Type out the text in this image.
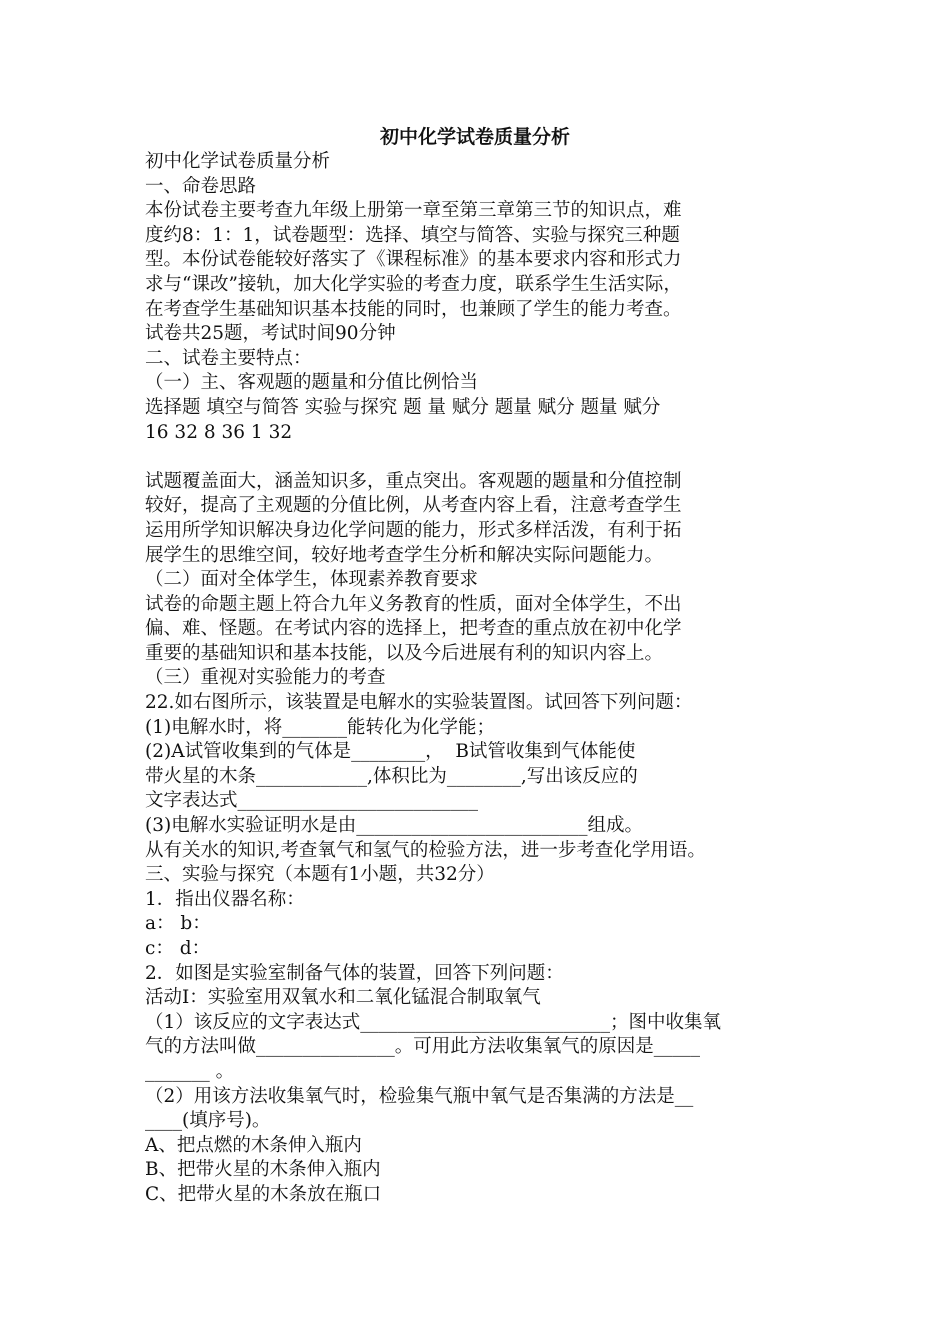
初中化学试卷质量分析
初中化学试卷质量分析
一、命卷思路
本份试卷主要考查九年级上册第一章至第三章第三节的知识点，难
度约8：1：1，试卷题型：选择、填空与简答、实验与探究三种题
型。本份试卷能较好落实了《课程标准》的基本要求内容和形式力
求与“课改”接轨，加大化学实验的考查力度，联系学生生活实际，
在考查学生基础知识基本技能的同时，也兼顾了学生的能力考查。
试卷共25题，考试时间90分钟
二、试卷主要特点：
（一）主、客观题的题量和分值比例恰当
选择题 填空与简答 实验与探究 题 量 赋分 题量 赋分 题量 赋分
16 32 8 36 1 32
试题覆盖面大，涵盖知识多，重点突出。客观题的题量和分值控制
较好，提高了主观题的分值比例，从考查内容上看，注意考查学生
运用所学知识解决身边化学问题的能力，形式多样活泼，有利于拓
展学生的思维空间，较好地考查学生分析和解决实际问题能力。
（二）面对全体学生，体现素养教育要求
试卷的命题主题上符合九年义务教育的性质，面对全体学生，不出
偏、难、怪题。在考试内容的选择上，把考查的重点放在初中化学
重要的基础知识和基本技能，以及今后进展有利的知识内容上。
（三）重视对实验能力的考查
22.如右图所示，该装置是电解水的实验装置图。试回答下列问题：
(1)电解水时，将_______能转化为化学能；
(2)A试管收集到的气体是________，  B试管收集到气体能使
带火星的木条____________,体积比为________,写出该反应的
文字表达式__________________________
(3)电解水实验证明水是由_________________________组成。
从有关水的知识,考查氧气和氢气的检验方法，进一步考查化学用语。
三、实验与探究（本题有1小题，共32分）
1．指出仪器名称：
a： b：
c： d：
2．如图是实验室制备气体的装置，回答下列问题：
活动Ⅰ：实验室用双氧水和二氧化锰混合制取氧气
（1）该反应的文字表达式___________________________；图中收集氧
气的方法叫做_______________。可用此方法收集氧气的原因是_____
_______ 。
（2）用该方法收集氧气时，检验集气瓶中氧气是否集满的方法是__
____(填序号)。
A、把点燃的木条伸入瓶内
B、把带火星的木条伸入瓶内
C、把带火星的木条放在瓶口
